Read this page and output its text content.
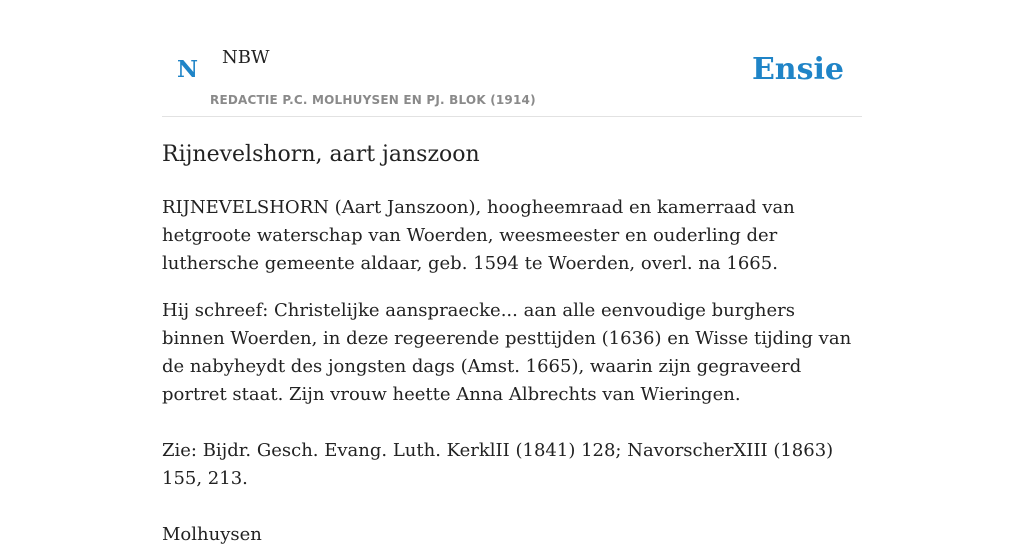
N NBW
REDACTIE P.C. MOLHUYSEN EN PJ. BLOK (1914)
Ensie
Rijnevelshorn, aart janszoon

RIJNEVELSHORN (Aart Janszoon), hoogheemraad en kamerraad van hetgroote waterschap van Woerden, weesmeester en ouderling der luthersche gemeente aldaar, geb. 1594 te Woerden, overl. na 1665.

Hij schreef: Christelijke aanspraecke... aan alle eenvoudige burghers binnen Woerden, in deze regeerende pesttijden (1636) en Wisse tijding van de nabyheydt des jongsten dags (Amst. 1665), waarin zijn gegraveerd portret staat. Zijn vrouw heette Anna Albrechts van Wieringen.

Zie: Bijdr. Gesch. Evang. Luth. KerklII (1841) 128; NavorscherXIII (1863) 155, 213.

Molhuysen
